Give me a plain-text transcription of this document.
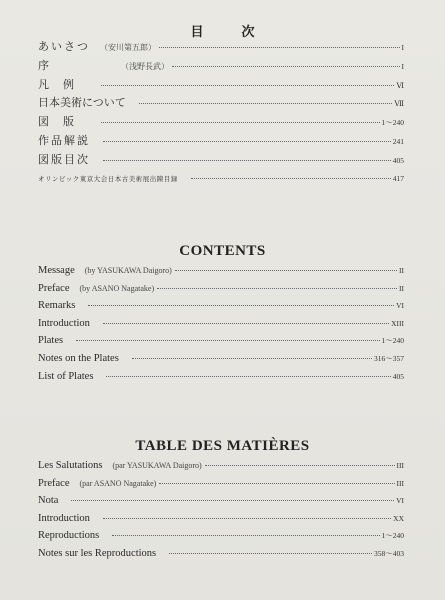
目次
あいさつ （安川第五郎）	I
序	（浅野長武）	I
凡例	Ⅵ
日本美術について	Ⅶ
図版	1～240
作品解説	241
図版目次	405
オリンピック東京大会日本古美術展出陳目録	417
CONTENTS
Message (by YASUKAWA Daigoro)	II
Preface (by ASANO Nagatake)	II
Remarks	VI
Introduction	XIII
Plates	1～240
Notes on the Plates	316～357
List of Plates	405
TABLE DES MATIÈRES
Les Salutations (par YASUKAWA Daigoro)	III
Preface (par ASANO Nagatake)	III
Nota	VI
Introduction	XX
Reproductions	1～240
Notes sur les Reproductions	358～403
